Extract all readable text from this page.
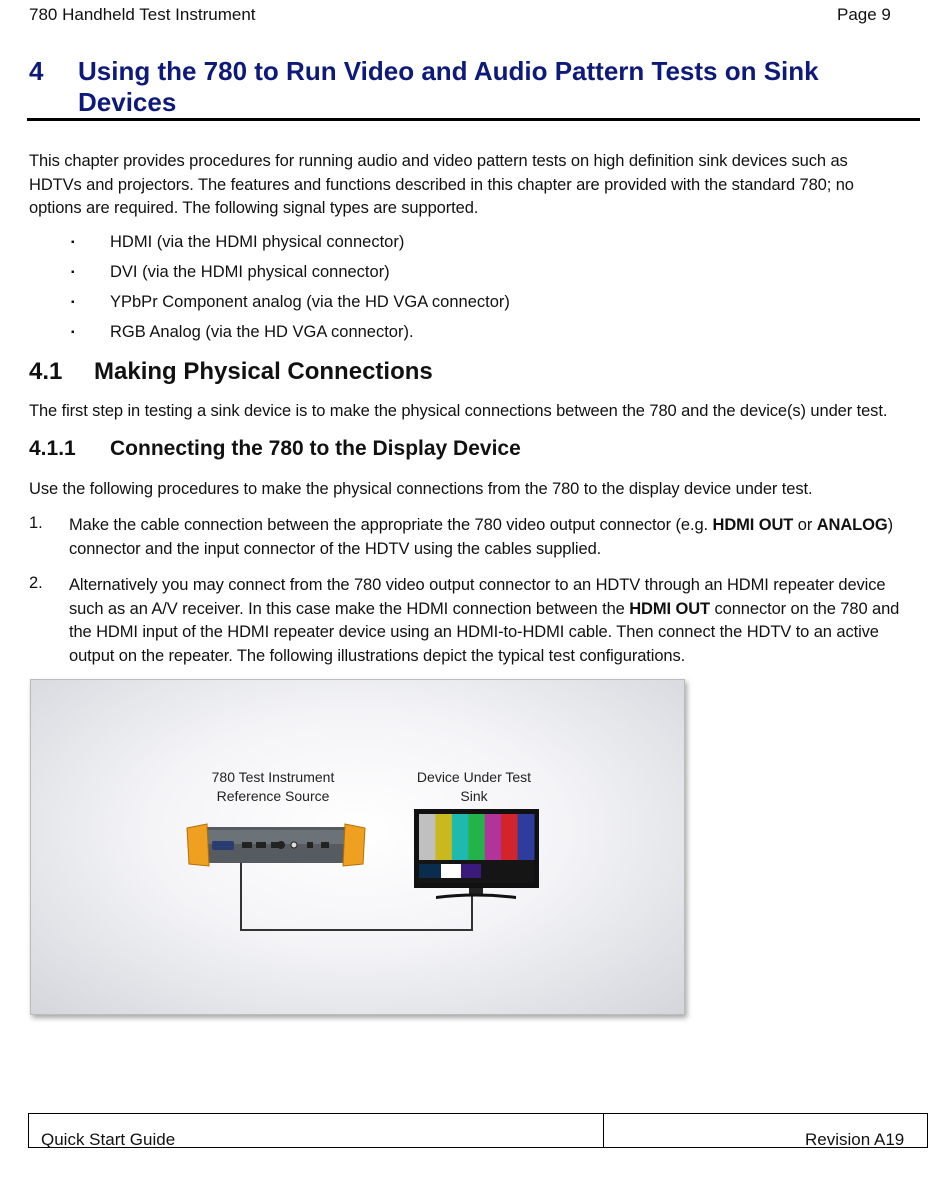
780 Handheld Test Instrument	Page 9
4 Using the 780 to Run Video and Audio Pattern Tests on Sink
Devices
This chapter provides procedures for running audio and video pattern tests on high definition sink devices such as
HDTVs and projectors. The features and functions described in this chapter are provided with the standard 780; no
options are required. The following signal types are supported.
▪ HDMI (via the HDMI physical connector)
▪ DVI (via the HDMI physical connector)
▪ YPbPr Component analog (via the HD VGA connector)
▪ RGB Analog (via the HD VGA connector).
4.1 Making Physical Connections
The first step in testing a sink device is to make the physical connections between the 780 and the device(s) under test.
4.1.1 Connecting the 780 to the Display Device
Use the following procedures to make the physical connections from the 780 to the display device under test.
1. Make the cable connection between the appropriate the 780 video output connector (e.g. HDMI OUT or ANALOG)
connector and the input connector of the HDTV using the cables supplied.
2. Alternatively you may connect from the 780 video output connector to an HDTV through an HDMI repeater device
such as an A/V receiver. In this case make the HDMI connection between the HDMI OUT connector on the 780 and
the HDMI input of the HDMI repeater device using an HDMI-to-HDMI cable. Then connect the HDTV to an active
output on the repeater. The following illustrations depict the typical test configurations.
780 Test Instrument
Reference Source
Device Under Test
Sink
Quick Start Guide	Revision A19
